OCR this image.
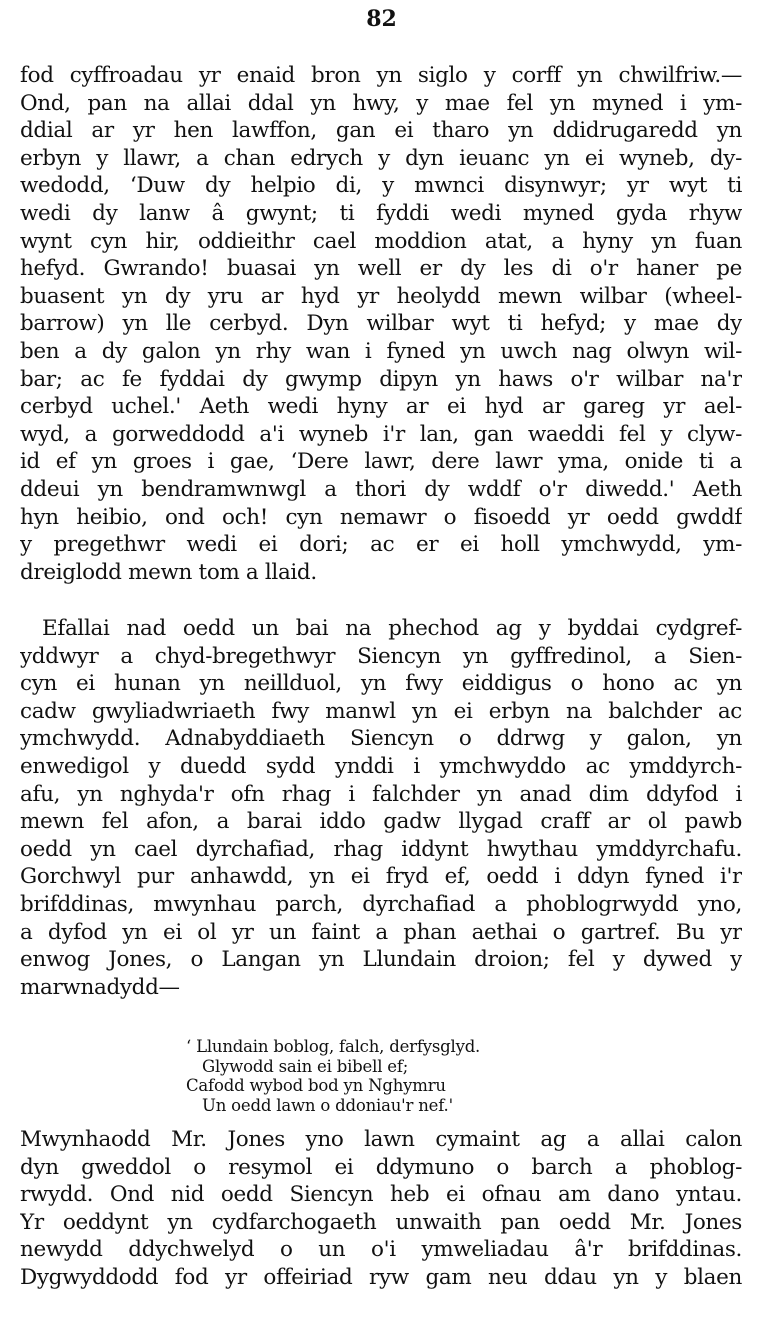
82
fod cyffroadau yr enaid bron yn siglo y corff yn chwilfriw.—
Ond, pan na allai ddal yn hwy, y mae fel yn myned i ym-
ddial ar yr hen lawffon, gan ei tharo yn ddidrugaredd yn
erbyn y llawr, a chan edrych y dyn ieuanc yn ei wyneb, dy-
wedodd, ‘Duw dy helpio di, y mwnci disynwyr; yr wyt ti
wedi dy lanw â gwynt; ti fyddi wedi myned gyda rhyw
wynt cyn hir, oddieithr cael moddion atat, a hyny yn fuan
hefyd. Gwrando! buasai yn well er dy les di o'r haner pe
buasent yn dy yru ar hyd yr heolydd mewn wilbar (wheel-
barrow) yn lle cerbyd. Dyn wilbar wyt ti hefyd; y mae dy
ben a dy galon yn rhy wan i fyned yn uwch nag olwyn wil-
bar; ac fe fyddai dy gwymp dipyn yn haws o'r wilbar na'r
cerbyd uchel.' Aeth wedi hyny ar ei hyd ar gareg yr ael-
wyd, a gorweddodd a'i wyneb i'r lan, gan waeddi fel y clyw-
id ef yn groes i gae, ‘Dere lawr, dere lawr yma, onide ti a
ddeui yn bendramwnwgl a thori dy wddf o'r diwedd.' Aeth
hyn heibio, ond och! cyn nemawr o fisoedd yr oedd gwddf
y pregethwr wedi ei dori; ac er ei holl ymchwydd, ym-
dreiglodd mewn tom a llaid.
Efallai nad oedd un bai na phechod ag y byddai cydgref-
yddwyr a chyd-bregethwyr Siencyn yn gyffredinol, a Sien-
cyn ei hunan yn neillduol, yn fwy eiddigus o hono ac yn
cadw gwyliadwriaeth fwy manwl yn ei erbyn na balchder ac
ymchwydd. Adnabyddiaeth Siencyn o ddrwg y galon, yn
enwedigol y duedd sydd ynddi i ymchwyddo ac ymddyrch-
afu, yn nghyda'r ofn rhag i falchder yn anad dim ddyfod i
mewn fel afon, a barai iddo gadw llygad craff ar ol pawb
oedd yn cael dyrchafiad, rhag iddynt hwythau ymddyrchafu.
Gorchwyl pur anhawdd, yn ei fryd ef, oedd i ddyn fyned i'r
brifddinas, mwynhau parch, dyrchafiad a phoblogrwydd yno,
a dyfod yn ei ol yr un faint a phan aethai o gartref. Bu yr
enwog Jones, o Langan yn Llundain droion; fel y dywed y
marwnadydd—
‘ Llundain boblog, falch, derfysglyd.
Glywodd sain ei bibell ef;
Cafodd wybod bod yn Nghymru
Un oedd lawn o ddoniau'r nef.'
Mwynhaodd Mr. Jones yno lawn cymaint ag a allai calon
dyn gweddol o resymol ei ddymuno o barch a phoblog-
rwydd. Ond nid oedd Siencyn heb ei ofnau am dano yntau.
Yr oeddynt yn cydfarchogaeth unwaith pan oedd Mr. Jones
newydd ddychwelyd o un o'i ymweliadau â'r brifddinas.
Dygwyddodd fod yr offeiriad ryw gam neu ddau yn y blaen
